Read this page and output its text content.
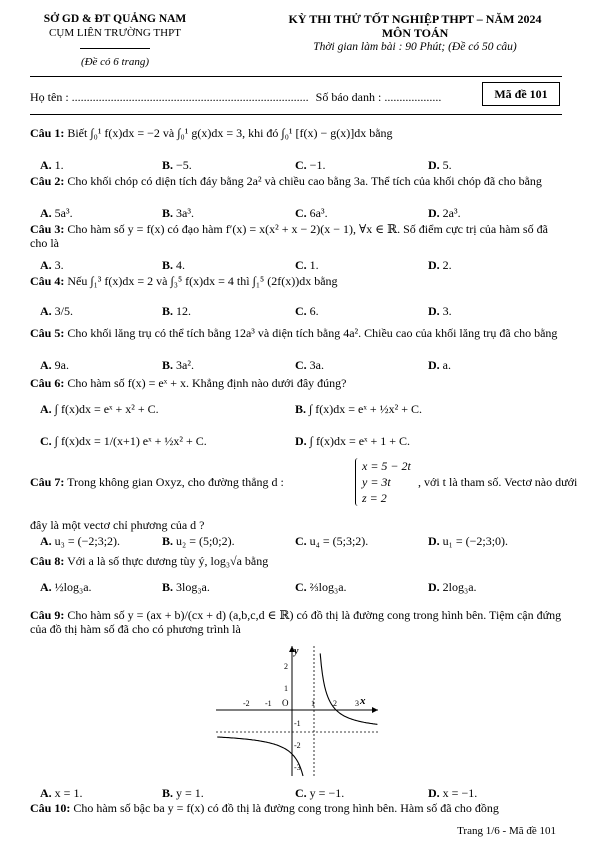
SỞ GD & ĐT QUẢNG NAM
CỤM LIÊN TRƯỜNG THPT
(Đề có 6 trang)
KỲ THI THỬ TỐT NGHIỆP THPT – NĂM 2024
MÔN TOÁN
Thời gian làm bài : 90 Phút; (Đề có 50 câu)
Họ tên : ............................................................................... Số báo danh : ...................	Mã đề 101
Câu 1: Biết ∫₀¹ f(x)dx = −2 và ∫₀¹ g(x)dx = 3, khi đó ∫₀¹ [f(x) − g(x)]dx bằng
A. 1.	B. −5.	C. −1.	D. 5.
Câu 2: Cho khối chóp có diện tích đáy bằng 2a² và chiều cao bằng 3a. Thể tích của khối chóp đã cho bằng
A. 5a³.	B. 3a³.	C. 6a³.	D. 2a³.
Câu 3: Cho hàm số y = f(x) có đạo hàm f′(x) = x(x² + x − 2)(x − 1), ∀x ∈ ℝ. Số điểm cực trị của hàm số đã cho là
A. 3.	B. 4.	C. 1.	D. 2.
Câu 4: Nếu ∫₁³ f(x)dx = 2 và ∫₃⁵ f(x)dx = 4 thì ∫₁⁵ (2f(x))dx bằng
A. 3/5.	B. 12.	C. 6.	D. 3.
Câu 5: Cho khối lăng trụ có thể tích bằng 12a³ và diện tích bằng 4a². Chiều cao của khối lăng trụ đã cho bằng
A. 9a.	B. 3a².	C. 3a.	D. a.
Câu 6: Cho hàm số f(x) = eˣ + x. Khẳng định nào dưới đây đúng?
A. ∫ f(x)dx = eˣ + x² + C.	B. ∫ f(x)dx = eˣ + ½x² + C.
C. ∫ f(x)dx = 1/(x+1) eˣ + ½x² + C.	D. ∫ f(x)dx = eˣ + 1 + C.
Câu 7: Trong không gian Oxyz, cho đường thẳng d :
x = 5 − 2t
y = 3t
z = 2
, với t là tham số. Vectơ nào dưới
đây là một vectơ chỉ phương của d ?
A. u₃ = (−2;3;2).	B. u₂ = (5;0;2).	C. u₄ = (5;3;2).	D. u₁ = (−2;3;0).
Câu 8: Với a là số thực dương tùy ý, log₃√a bằng
A. ½log₃a.	B. 3log₃a.	C. ⅔log₃a.	D. 2log₃a.
Câu 9: Cho hàm số y = (ax + b)/(cx + d) (a,b,c,d ∈ ℝ) có đồ thị là đường cong trong hình bên. Tiệm cận đứng của đồ thị hàm số đã cho có phương trình là
y
x
O
-2 -1	1 2 3
2
1
-1
-2
-3
A. x = 1.	B. y = 1.	C. y = −1.	D. x = −1.
Câu 10: Cho hàm số bậc ba y = f(x) có đồ thị là đường cong trong hình bên. Hàm số đã cho đồng
Trang 1/6 - Mã đề 101
